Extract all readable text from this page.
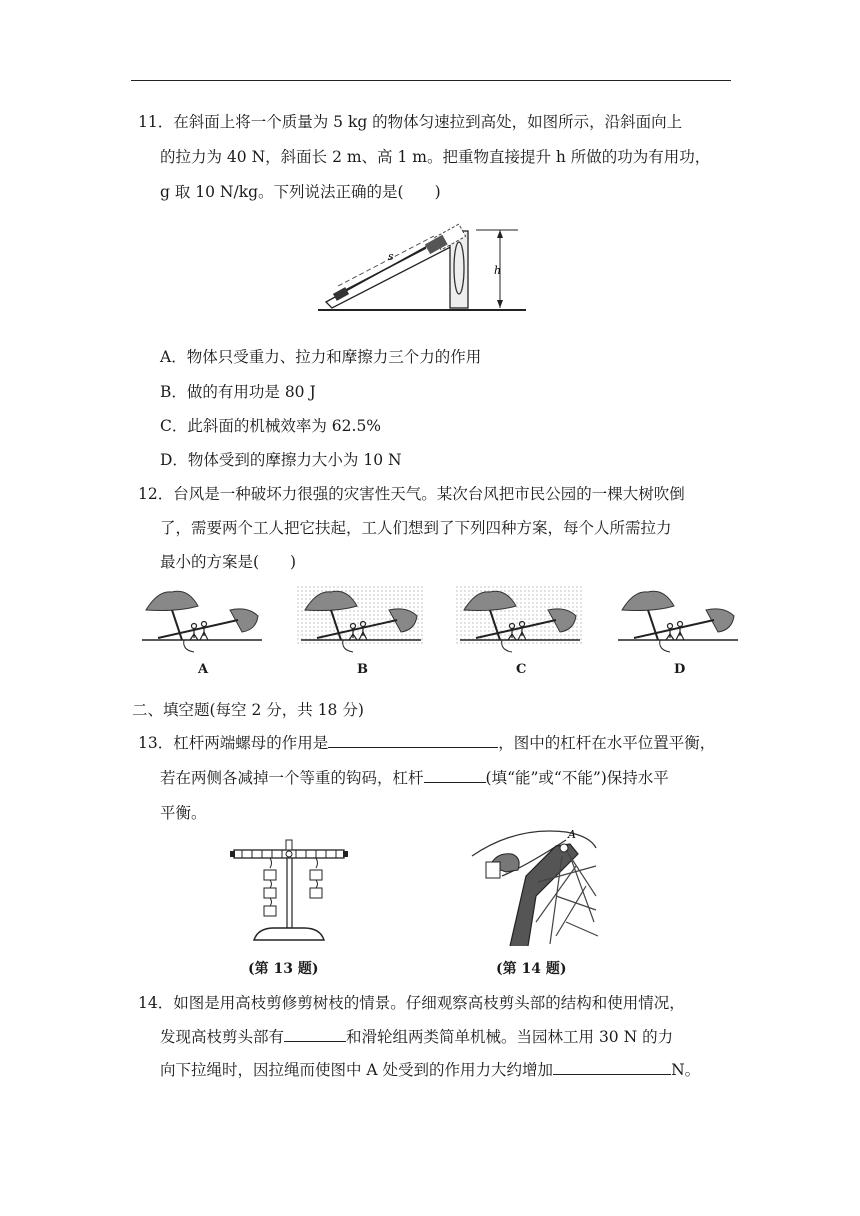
11．在斜面上将一个质量为 5 kg 的物体匀速拉到高处，如图所示，沿斜面向上
的拉力为 40 N，斜面长 2 m、高 1 m。把重物直接提升 h 所做的功为有用功，
g 取 10 N/kg。下列说法正确的是(　　)
s
h
A．物体只受重力、拉力和摩擦力三个力的作用
B．做的有用功是 80 J
C．此斜面的机械效率为 62.5%
D．物体受到的摩擦力大小为 10 N
12．台风是一种破坏力很强的灾害性天气。某次台风把市民公园的一棵大树吹倒
了，需要两个工人把它扶起，工人们想到了下列四种方案，每个人所需拉力
最小的方案是(　　)
A	B	C	D
二、填空题(每空 2 分，共 18 分)
13．杠杆两端螺母的作用是	，图中的杠杆在水平位置平衡，
若在两侧各减掉一个等重的钩码，杠杆	(填“能”或“不能”)保持水平
平衡。
(第 13 题)
A
(第 14 题)
14．如图是用高枝剪修剪树枝的情景。仔细观察高枝剪头部的结构和使用情况，
发现高枝剪头部有	和滑轮组两类简单机械。当园林工用 30 N 的力
向下拉绳时，因拉绳而使图中 A 处受到的作用力大约增加	N。
